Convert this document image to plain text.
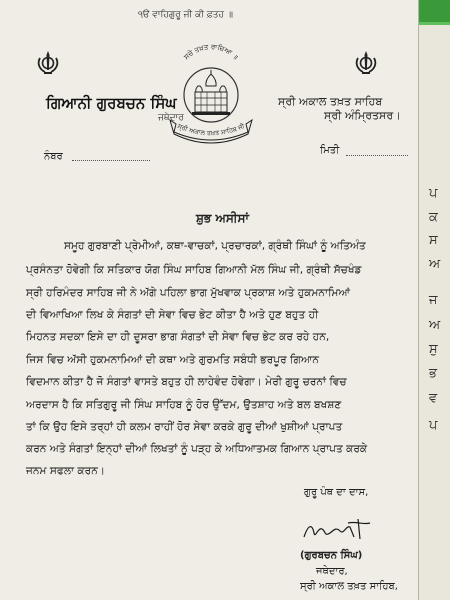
੧ੳ ਵਾਹਿਗੁਰੂ ਜੀ ਕੀ ਫ਼ਤਹ ॥
ਸਚੇ ਤਖ਼ਤ ਰਾਜ਼ਿਆ ॥
ਸ੍ਰੀ ਅਕਾਲ ਤਖ਼ਤ ਸਾਹਿਬ ਜੀ
ਗਿਆਨੀ ਗੁਰਬਚਨ ਸਿੰਘ
ਜਥੇਦਾਰ
ਸ੍ਰੀ ਅਕਾਲ ਤਖ਼ਤ ਸਾਹਿਬ
ਸ੍ਰੀ ਅੰਮ੍ਰਿਤਸਰ।
ਨੰਬਰ
ਮਿਤੀ
ਸ਼ੁਭ ਅਸੀਸਾਂ
ਸਮੂਹ ਗੁਰਬਾਣੀ ਪ੍ਰੇਮੀਆਂ, ਕਥਾ-ਵਾਚਕਾਂ, ਪ੍ਰਚਾਰਕਾਂ, ਗ੍ਰੰਥੀ ਸਿੰਘਾਂ ਨੂੰ ਅਤਿਅੰਤ
ਪ੍ਰਸੰਨਤਾ ਹੋਵੇਗੀ ਕਿ ਸਤਿਕਾਰ ਯੋਗ ਸਿੰਘ ਸਾਹਿਬ ਗਿਆਨੀ ਮੱਲ ਸਿੰਘ ਜੀ, ਗ੍ਰੰਥੀ ਸੱਚਖੰਡ
ਸ੍ਰੀ ਹਰਿਮੰਦਰ ਸਾਹਿਬ ਜੀ ਨੇ ਅੱਗੇ ਪਹਿਲਾ ਭਾਗ ਮੁੱਖਵਾਕ ਪ੍ਰਕਾਸ਼ ਅਤੇ ਹੁਕਮਨਾਮਿਆਂ
ਦੀ ਵਿਆਖਿਆ ਲਿਖ ਕੇ ਸੰਗਤਾਂ ਦੀ ਸੇਵਾ ਵਿਚ ਭੇਟ ਕੀਤਾ ਹੈ ਅਤੇ ਹੁਣ ਬਹੁਤ ਹੀ
ਮਿਹਨਤ ਸਦਕਾ ਇਸੇ ਦਾ ਹੀ ਦੂਸਰਾ ਭਾਗ ਸੰਗਤਾਂ ਦੀ ਸੇਵਾ ਵਿਚ ਭੇਟ ਕਰ ਰਹੇ ਹਨ,
ਜਿਸ ਵਿਚ ਅੱਸੀ ਹੁਕਮਨਾਮਿਆਂ ਦੀ ਕਥਾ ਅਤੇ ਗੁਰਮਤਿ ਸਬੰਧੀ ਭਰਪੂਰ ਗਿਆਨ
ਵਿਦਮਾਨ ਕੀਤਾ ਹੈ ਜੋ ਸੰਗਤਾਂ ਵਾਸਤੇ ਬਹੁਤ ਹੀ ਲਾਹੇਵੰਦ ਹੋਵੇਗਾ। ਮੇਰੀ ਗੁਰੂ ਚਰਨਾਂ ਵਿਚ
ਅਰਦਾਸ ਹੈ ਕਿ ਸਤਿਗੁਰੂ ਜੀ ਸਿੰਘ ਸਾਹਿਬ ਨੂੰ ਹੋਰ ਉੱਦਮ, ਉਤਸ਼ਾਹ ਅਤੇ ਬਲ ਬਖਸ਼ਣ
ਤਾਂ ਕਿ ਉਹ ਇਸੇ ਤਰ੍ਹਾਂ ਹੀ ਕਲਮ ਰਾਹੀਂ ਹੋਰ ਸੇਵਾ ਕਰਕੇ ਗੁਰੂ ਦੀਆਂ ਖੁਸ਼ੀਆਂ ਪ੍ਰਾਪਤ
ਕਰਨ ਅਤੇ ਸੰਗਤਾਂ ਇਨ੍ਹਾਂ ਦੀਆਂ ਲਿਖਤਾਂ ਨੂੰ ਪੜ੍ਹ ਕੇ ਅਧਿਆਤਮਕ ਗਿਆਨ ਪ੍ਰਾਪਤ ਕਰਕੇ
ਜਨਮ ਸਫਲਾ ਕਰਨ।
ਗੁਰੂ ਪੰਥ ਦਾ ਦਾਸ,
(ਗੁਰਬਚਨ ਸਿੰਘ)
ਜਥੇਦਾਰ,
ਸ੍ਰੀ ਅਕਾਲ ਤਖ਼ਤ ਸਾਹਿਬ,
ਪ
ਕ
ਸ
ਅ
ਜ
ਅ
ਸੁ
ਭ
ਵ
ਪ
